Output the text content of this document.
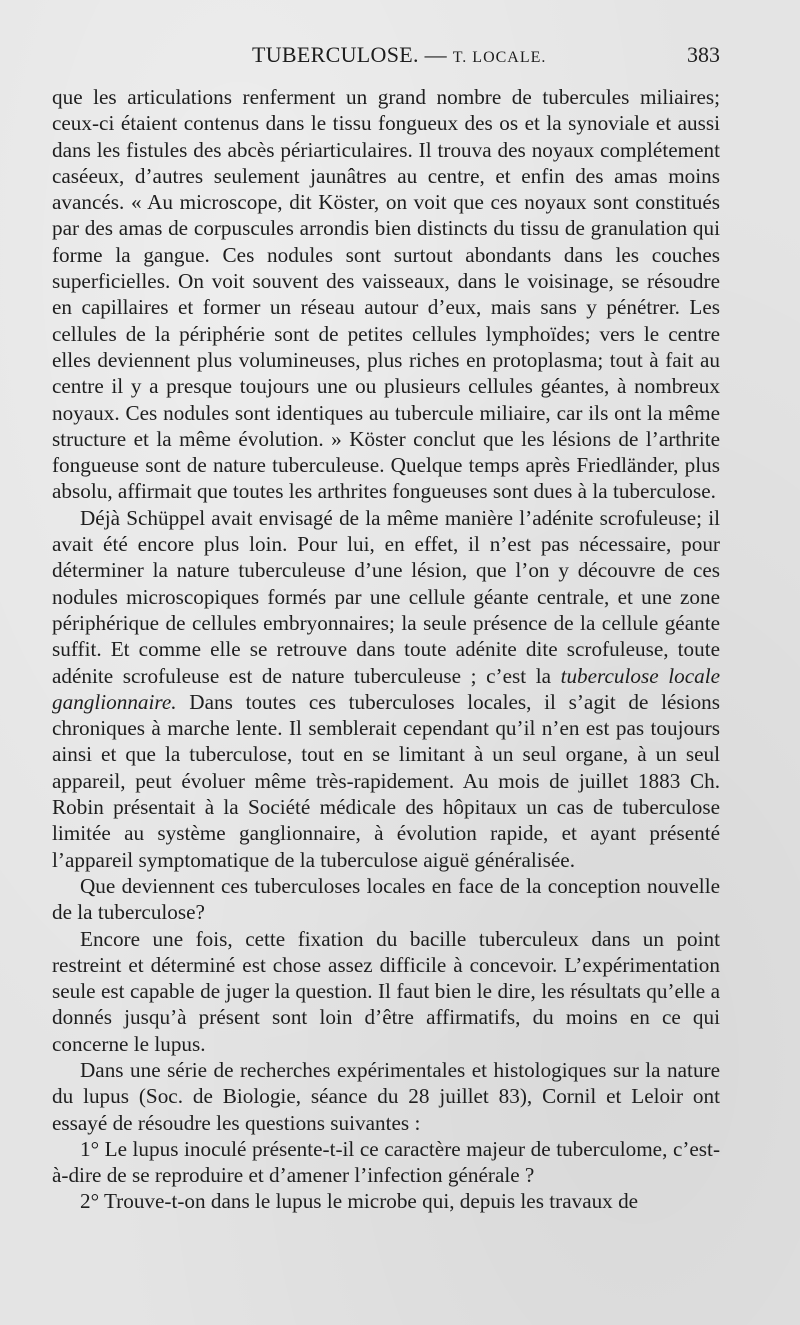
TUBERCULOSE. — T. LOCALE.	383

que les articulations renferment un grand nombre de tubercules miliaires; ceux-ci étaient contenus dans le tissu fongueux des os et la synoviale et aussi dans les fistules des abcès périarticulaires. Il trouva des noyaux complétement caséeux, d’autres seulement jaunâtres au centre, et enfin des amas moins avancés. « Au microscope, dit Köster, on voit que ces noyaux sont constitués par des amas de corpuscules arrondis bien distincts du tissu de granulation qui forme la gangue. Ces nodules sont surtout abondants dans les couches superficielles. On voit souvent des vaisseaux, dans le voisinage, se résoudre en capillaires et former un réseau autour d’eux, mais sans y pénétrer. Les cellules de la périphérie sont de petites cellules lymphoïdes; vers le centre elles deviennent plus volumineuses, plus riches en protoplasma; tout à fait au centre il y a presque toujours une ou plusieurs cellules géantes, à nombreux noyaux. Ces nodules sont identiques au tubercule miliaire, car ils ont la même structure et la même évolution. » Köster conclut que les lésions de l’arthrite fongueuse sont de nature tuberculeuse. Quelque temps après Friedländer, plus absolu, affirmait que toutes les arthrites fongueuses sont dues à la tuberculose.

Déjà Schüppel avait envisagé de la même manière l’adénite scrofuleuse; il avait été encore plus loin. Pour lui, en effet, il n’est pas nécessaire, pour déterminer la nature tuberculeuse d’une lésion, que l’on y découvre de ces nodules microscopiques formés par une cellule géante centrale, et une zone périphérique de cellules embryonnaires; la seule présence de la cellule géante suffit. Et comme elle se retrouve dans toute adénite dite scrofuleuse, toute adénite scrofuleuse est de nature tuberculeuse ; c’est la tuberculose locale ganglionnaire. Dans toutes ces tuberculoses locales, il s’agit de lésions chroniques à marche lente. Il semblerait cependant qu’il n’en est pas toujours ainsi et que la tuberculose, tout en se limitant à un seul organe, à un seul appareil, peut évoluer même très-rapidement. Au mois de juillet 1883 Ch. Robin présentait à la Société médicale des hôpitaux un cas de tuberculose limitée au système ganglionnaire, à évolution rapide, et ayant présenté l’appareil symptomatique de la tuberculose aiguë généralisée.

Que deviennent ces tuberculoses locales en face de la conception nouvelle de la tuberculose?

Encore une fois, cette fixation du bacille tuberculeux dans un point restreint et déterminé est chose assez difficile à concevoir. L’expérimentation seule est capable de juger la question. Il faut bien le dire, les résultats qu’elle a donnés jusqu’à présent sont loin d’être affirmatifs, du moins en ce qui concerne le lupus.

Dans une série de recherches expérimentales et histologiques sur la nature du lupus (Soc. de Biologie, séance du 28 juillet 83), Cornil et Leloir ont essayé de résoudre les questions suivantes :

1° Le lupus inoculé présente-t-il ce caractère majeur de tuberculome, c’est-à-dire de se reproduire et d’amener l’infection générale ?

2° Trouve-t-on dans le lupus le microbe qui, depuis les travaux de
